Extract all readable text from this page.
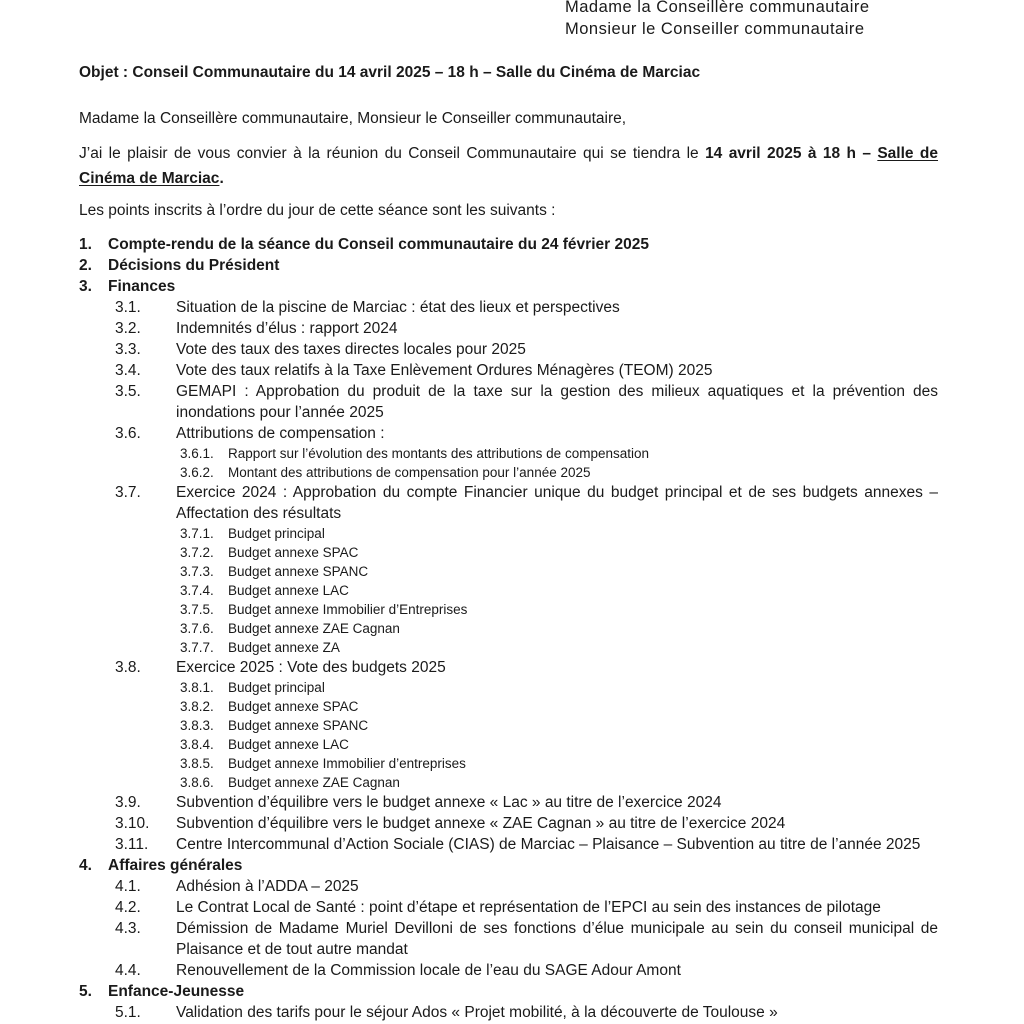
Madame la Conseillère communautaire
Monsieur le Conseiller communautaire

Objet : Conseil Communautaire du 14 avril 2025 – 18 h – Salle du Cinéma de Marciac

Madame la Conseillère communautaire, Monsieur le Conseiller communautaire,

J’ai le plaisir de vous convier à la réunion du Conseil Communautaire qui se tiendra le 14 avril 2025 à 18 h – Salle de Cinéma de Marciac.

Les points inscrits à l’ordre du jour de cette séance sont les suivants :

1.	Compte-rendu de la séance du Conseil communautaire du 24 février 2025
2.	Décisions du Président
3.	Finances
3.1.	Situation de la piscine de Marciac : état des lieux et perspectives
3.2.	Indemnités d’élus : rapport 2024
3.3.	Vote des taux des taxes directes locales pour 2025
3.4.	Vote des taux relatifs à la Taxe Enlèvement Ordures Ménagères (TEOM) 2025
3.5.	GEMAPI : Approbation du produit de la taxe sur la gestion des milieux aquatiques et la prévention des inondations pour l’année 2025
3.6.	Attributions de compensation :
3.6.1.	Rapport sur l’évolution des montants des attributions de compensation
3.6.2.	Montant des attributions de compensation pour l’année 2025
3.7.	Exercice 2024 : Approbation du compte Financier unique du budget principal et de ses budgets annexes – Affectation des résultats
3.7.1.	Budget principal
3.7.2.	Budget annexe SPAC
3.7.3.	Budget annexe SPANC
3.7.4.	Budget annexe LAC
3.7.5.	Budget annexe Immobilier d’Entreprises
3.7.6.	Budget annexe ZAE Cagnan
3.7.7.	Budget annexe ZA
3.8.	Exercice 2025 : Vote des budgets 2025
3.8.1.	Budget principal
3.8.2.	Budget annexe SPAC
3.8.3.	Budget annexe SPANC
3.8.4.	Budget annexe LAC
3.8.5.	Budget annexe Immobilier d’entreprises
3.8.6.	Budget annexe ZAE Cagnan
3.9.	Subvention d’équilibre vers le budget annexe « Lac » au titre de l’exercice 2024
3.10.	Subvention d’équilibre vers le budget annexe « ZAE Cagnan » au titre de l’exercice 2024
3.11.	Centre Intercommunal d’Action Sociale (CIAS) de Marciac – Plaisance – Subvention au titre de l’année 2025
4.	Affaires générales
4.1.	Adhésion à l’ADDA – 2025
4.2.	Le Contrat Local de Santé : point d’étape et représentation de l’EPCI au sein des instances de pilotage
4.3.	Démission de Madame Muriel Devilloni de ses fonctions d’élue municipale au sein du conseil municipal de Plaisance et de tout autre mandat
4.4.	Renouvellement de la Commission locale de l’eau du SAGE Adour Amont
5.	Enfance-Jeunesse
5.1.	Validation des tarifs pour le séjour Ados « Projet mobilité, à la découverte de Toulouse »
